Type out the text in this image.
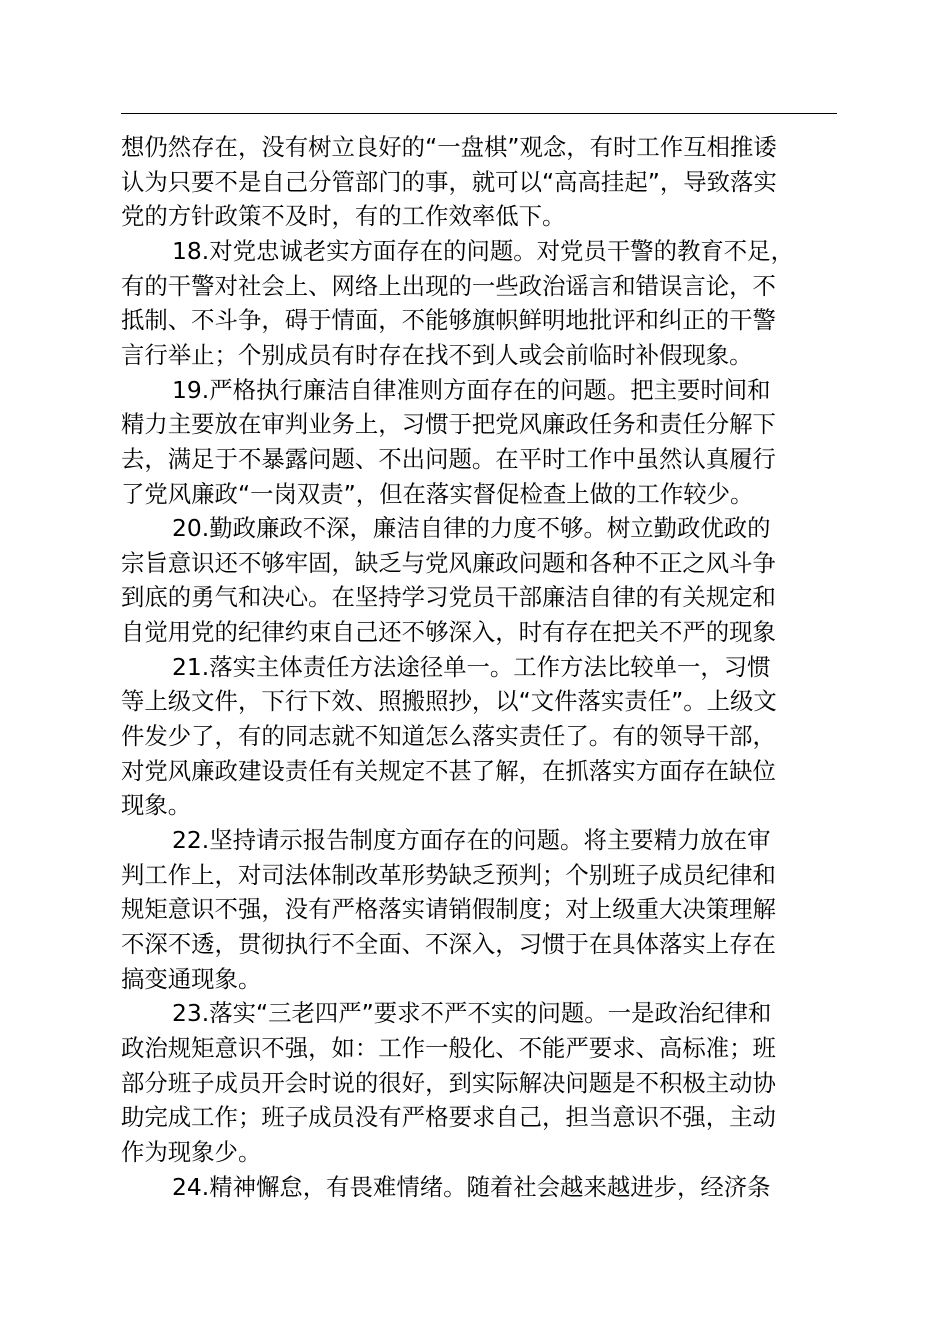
想仍然存在，没有树立良好的“一盘棋”观念，有时工作互相推诿
认为只要不是自己分管部门的事，就可以“高高挂起”，导致落实
党的方针政策不及时，有的工作效率低下。
18.对党忠诚老实方面存在的问题。对党员干警的教育不足，
有的干警对社会上、网络上出现的一些政治谣言和错误言论，不
抵制、不斗争，碍于情面，不能够旗帜鲜明地批评和纠正的干警
言行举止；个别成员有时存在找不到人或会前临时补假现象。
19.严格执行廉洁自律准则方面存在的问题。把主要时间和
精力主要放在审判业务上，习惯于把党风廉政任务和责任分解下
去，满足于不暴露问题、不出问题。在平时工作中虽然认真履行
了党风廉政“一岗双责”，但在落实督促检查上做的工作较少。
20.勤政廉政不深，廉洁自律的力度不够。树立勤政优政的
宗旨意识还不够牢固，缺乏与党风廉政问题和各种不正之风斗争
到底的勇气和决心。在坚持学习党员干部廉洁自律的有关规定和
自觉用党的纪律约束自己还不够深入，时有存在把关不严的现象
21.落实主体责任方法途径单一。工作方法比较单一，习惯
等上级文件，下行下效、照搬照抄，以“文件落实责任”。上级文
件发少了，有的同志就不知道怎么落实责任了。有的领导干部，
对党风廉政建设责任有关规定不甚了解，在抓落实方面存在缺位
现象。
22.坚持请示报告制度方面存在的问题。将主要精力放在审
判工作上，对司法体制改革形势缺乏预判；个别班子成员纪律和
规矩意识不强，没有严格落实请销假制度；对上级重大决策理解
不深不透，贯彻执行不全面、不深入，习惯于在具体落实上存在
搞变通现象。
23.落实“三老四严”要求不严不实的问题。一是政治纪律和
政治规矩意识不强，如：工作一般化、不能严要求、高标准；班
部分班子成员开会时说的很好，到实际解决问题是不积极主动协
助完成工作；班子成员没有严格要求自己，担当意识不强，主动
作为现象少。
24.精神懈怠，有畏难情绪。随着社会越来越进步，经济条
